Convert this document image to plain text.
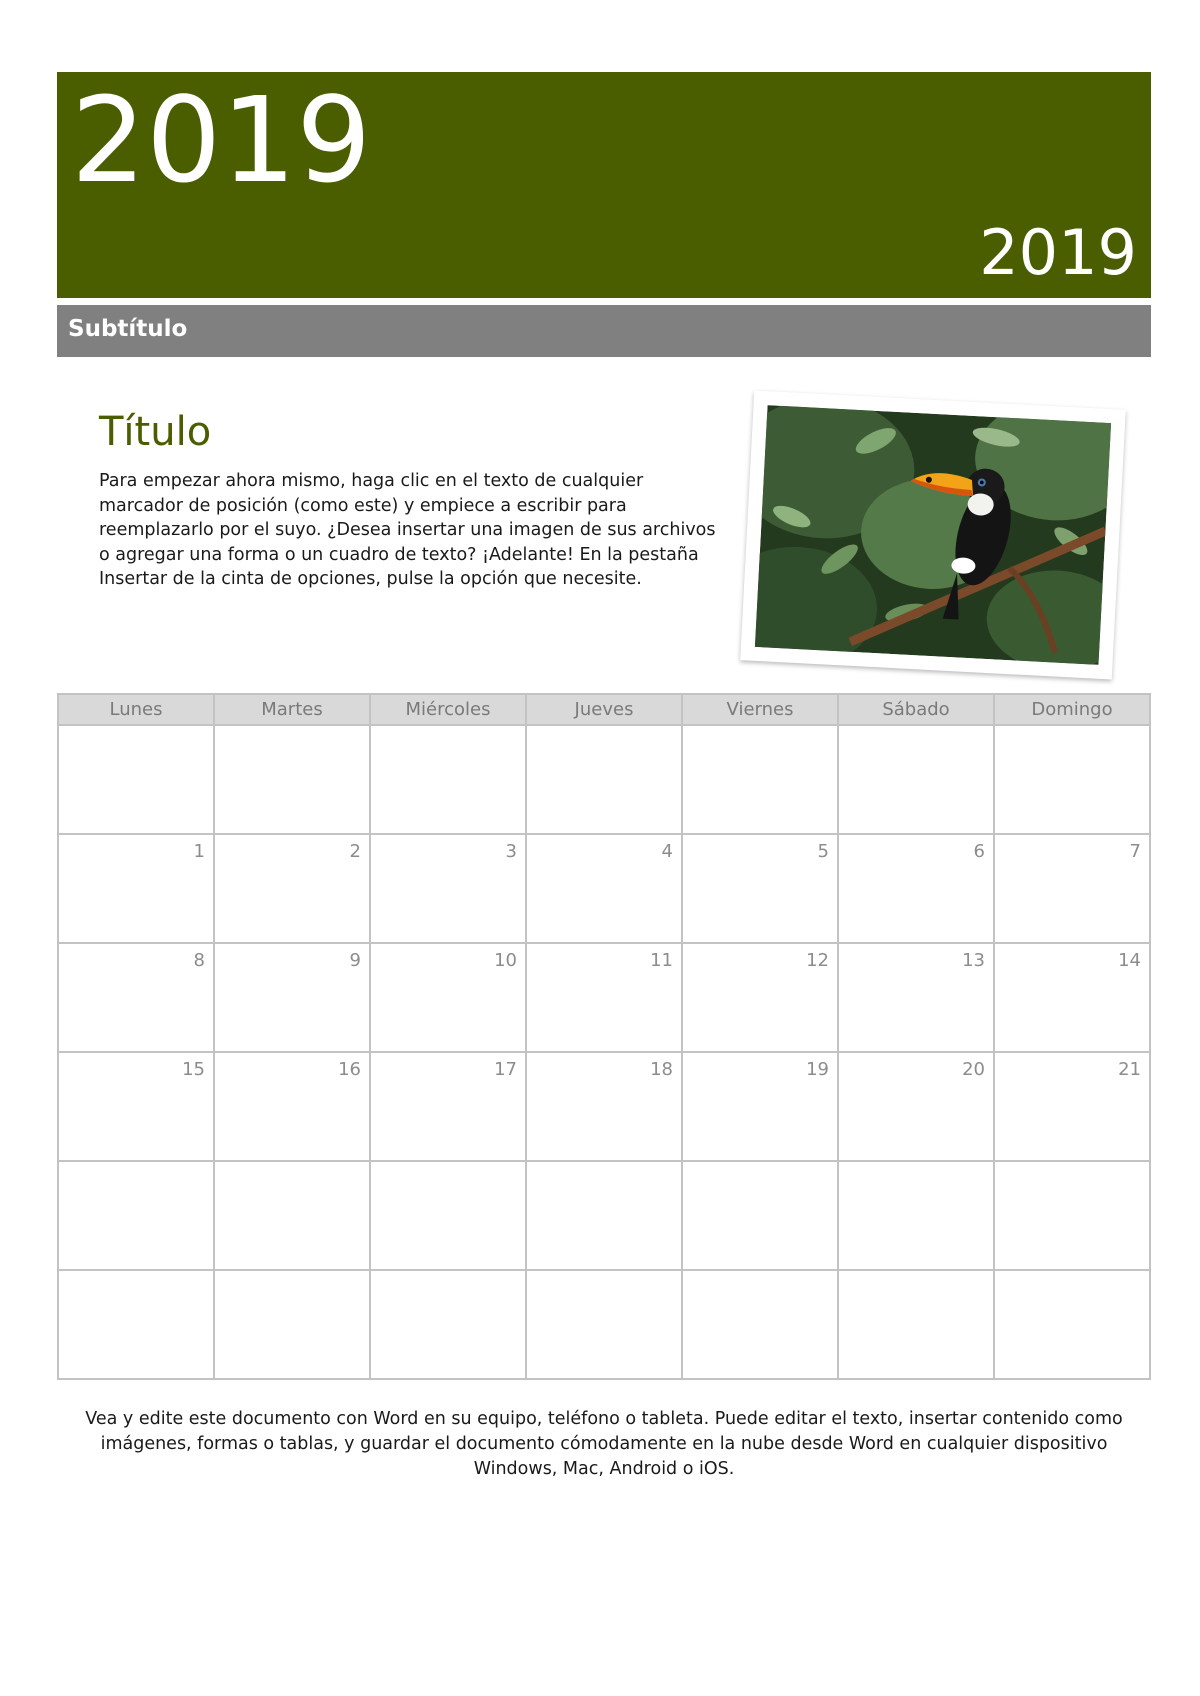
2019
2019
Subtítulo
Título
Para empezar ahora mismo, haga clic en el texto de cualquier marcador de posición (como este) y empiece a escribir para reemplazarlo por el suyo. ¿Desea insertar una imagen de sus archivos o agregar una forma o un cuadro de texto? ¡Adelante! En la pestaña Insertar de la cinta de opciones, pulse la opción que necesite.
Lunes	Martes	Miércoles	Jueves	Viernes	Sábado	Domingo

1	2	3	4	5	6	7

8	9	10	11	12	13	14

15	16	17	18	19	20	21

Vea y edite este documento con Word en su equipo, teléfono o tableta. Puede editar el texto, insertar contenido como imágenes, formas o tablas, y guardar el documento cómodamente en la nube desde Word en cualquier dispositivo Windows, Mac, Android o iOS.
